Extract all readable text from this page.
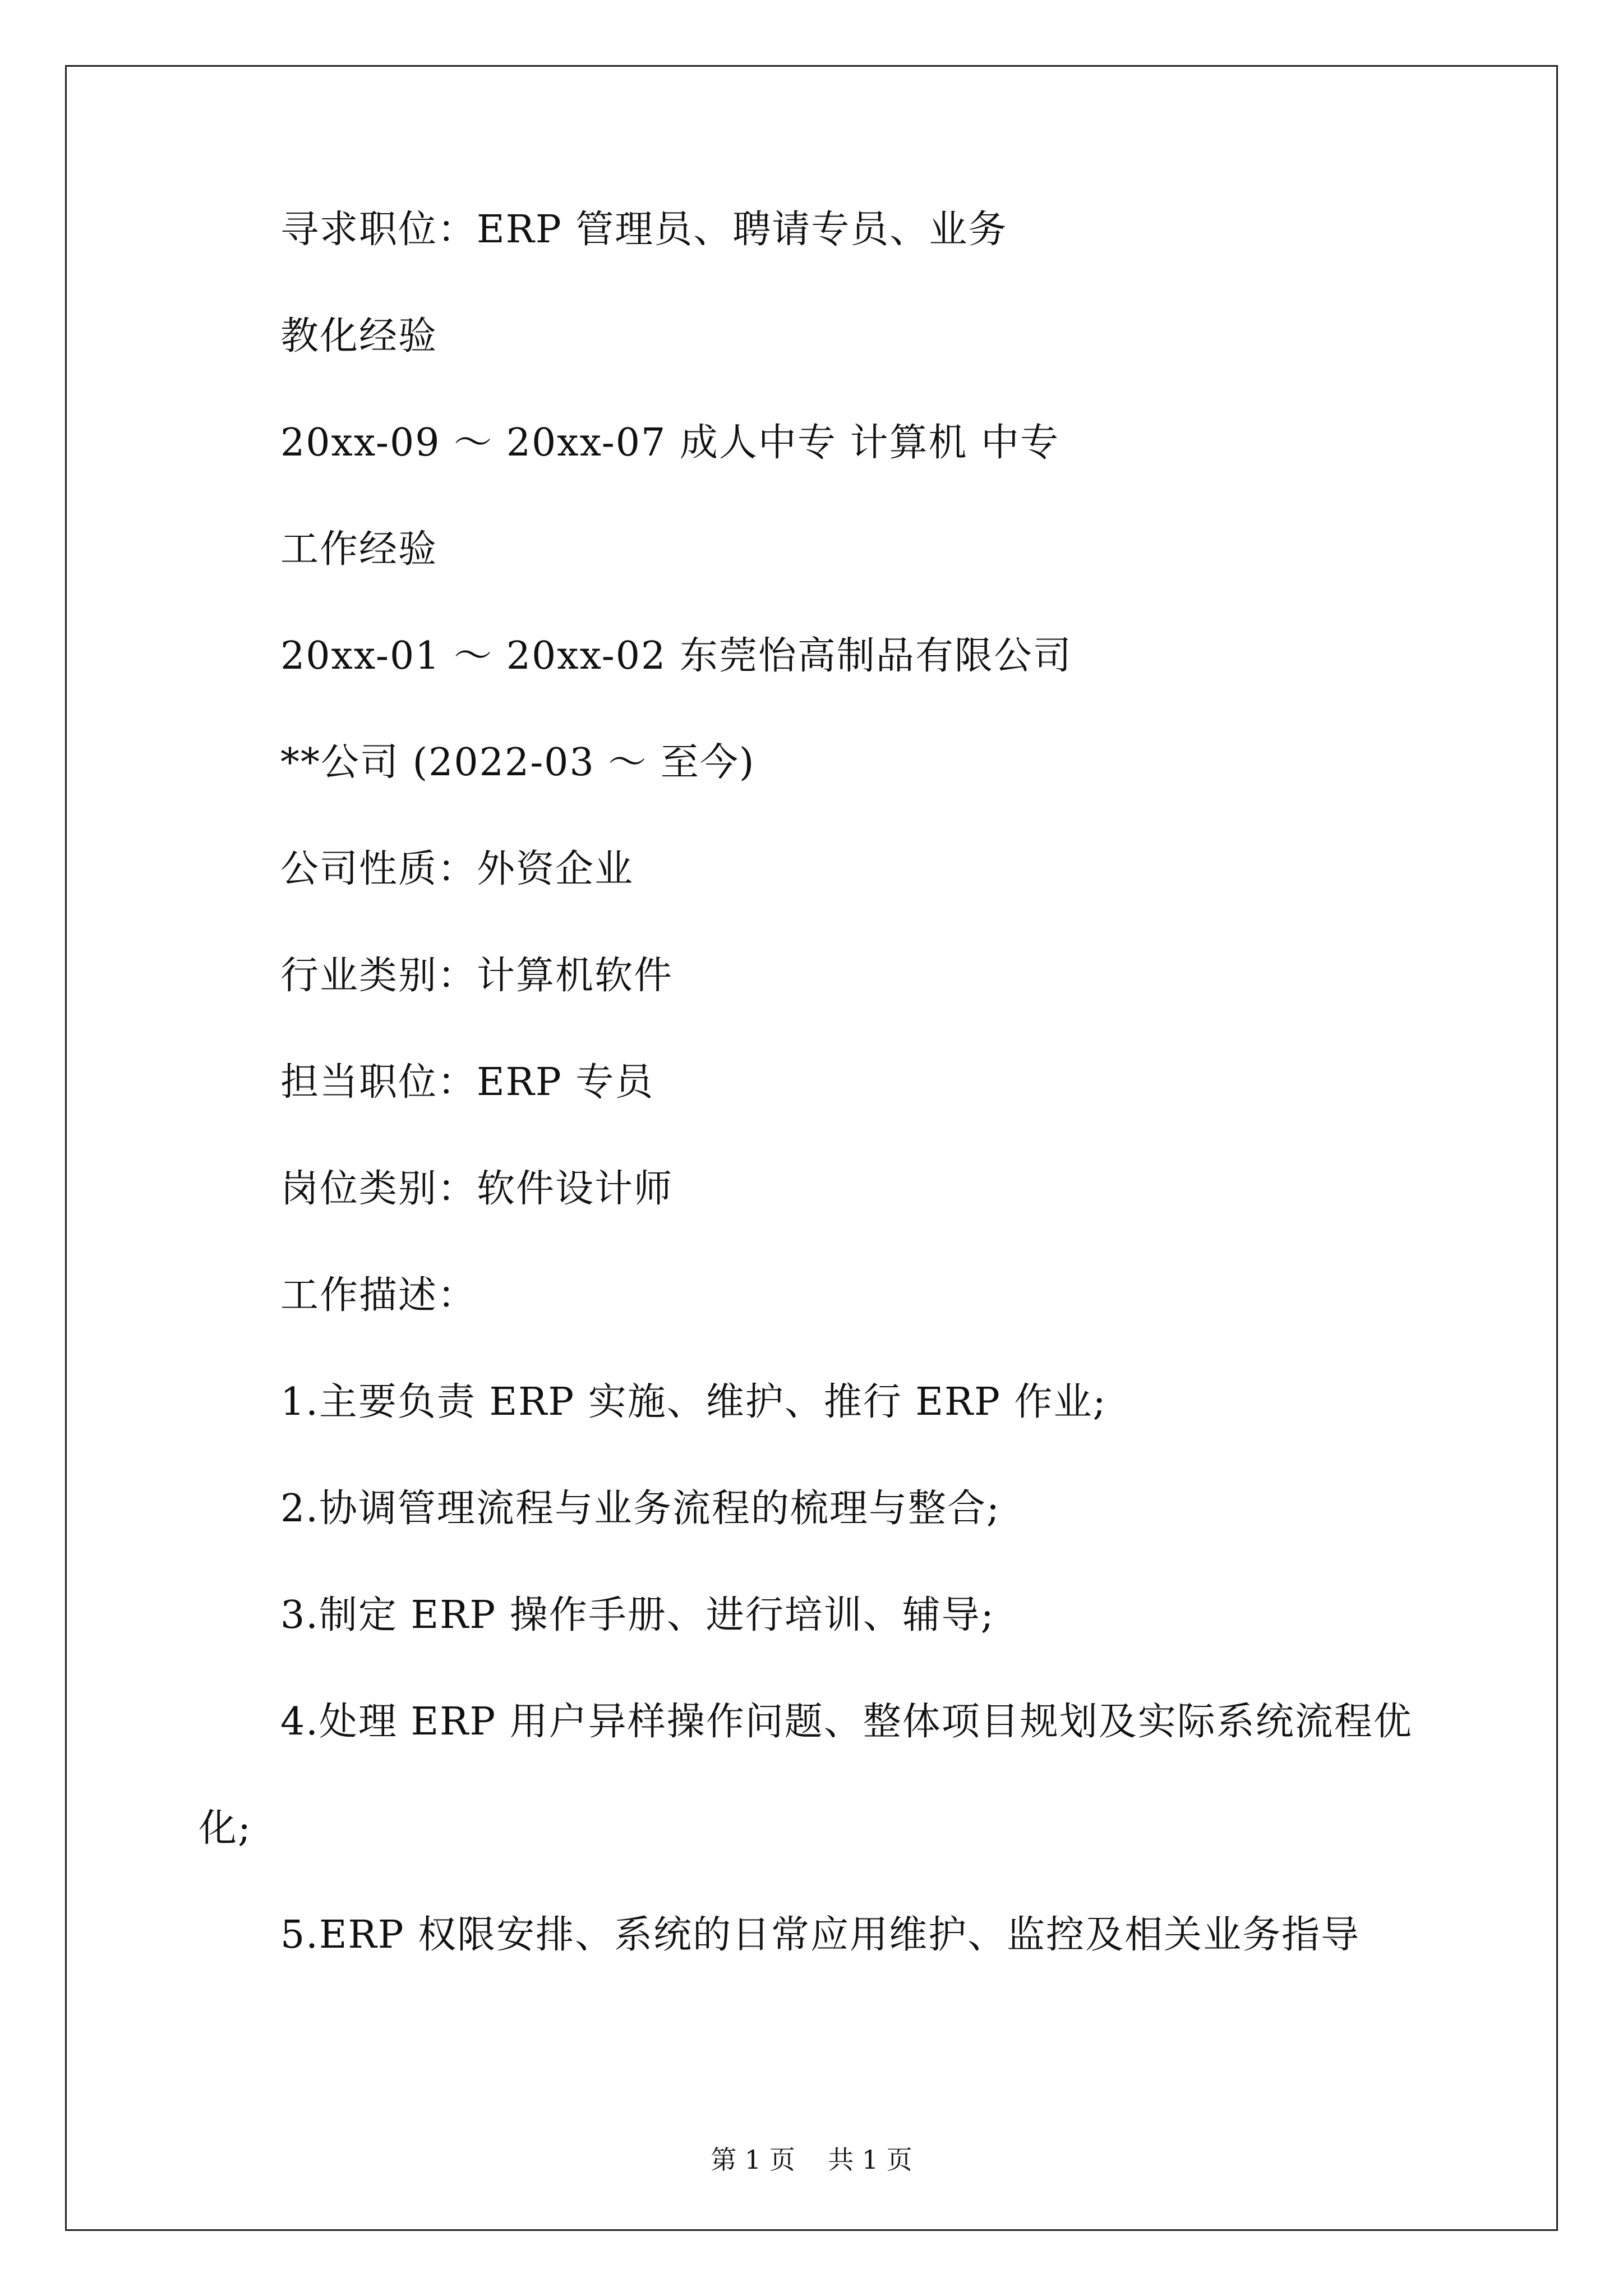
寻求职位：ERP 管理员、聘请专员、业务
教化经验
20xx-09 ～ 20xx-07 成人中专 计算机 中专
工作经验
20xx-01 ～ 20xx-02 东莞怡高制品有限公司
**公司 (2022-03 ～ 至今)
公司性质：外资企业
行业类别：计算机软件
担当职位：ERP 专员
岗位类别：软件设计师
工作描述：
1.主要负责 ERP 实施、维护、推行 ERP 作业;
2.协调管理流程与业务流程的梳理与整合;
3.制定 ERP 操作手册、进行培训、辅导;
4.处理 ERP 用户异样操作问题、整体项目规划及实际系统流程优
化;
5.ERP 权限安排、系统的日常应用维护、监控及相关业务指导
第 1 页    共 1 页
